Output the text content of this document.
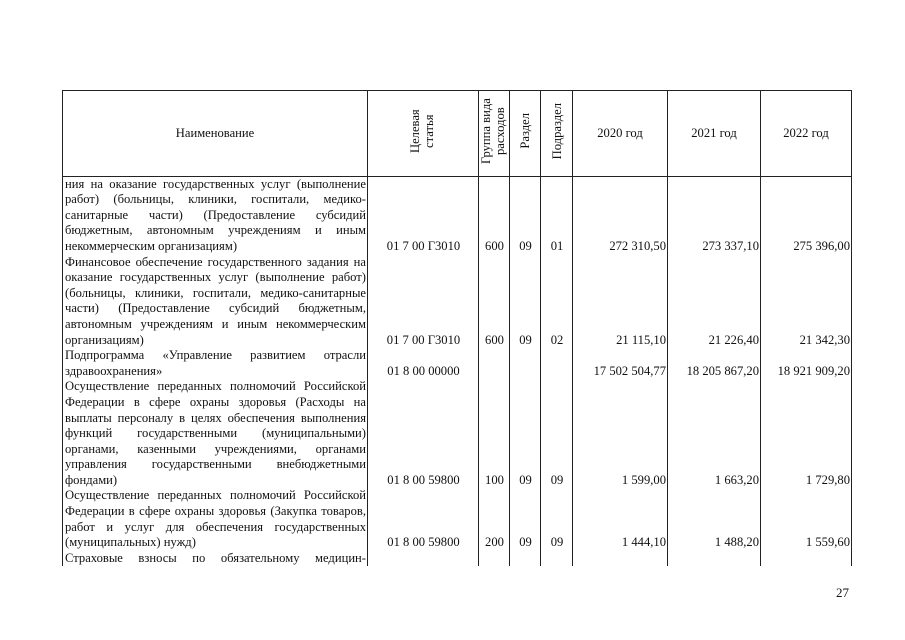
Наименование	Целевая статья	Группа вида расходов	Раздел	Подраздел	2020 год	2021 год	2022 год
ния на оказание государственных услуг (выполнение работ) (больницы, клиники, госпитали, медико-санитарные части) (Предоставление субсидий бюджетным, автономным учреждениям и иным некоммерческим организациям)	01 7 00 Г3010	600	09	01	272 310,50	273 337,10	275 396,00
Финансовое обеспечение государственного задания на оказание государственных услуг (выполнение работ) (больницы, клиники, госпитали, медико-санитарные части) (Предоставление субсидий бюджетным, автономным учреждениям и иным некоммерческим организациям)	01 7 00 Г3010	600	09	02	21 115,10	21 226,40	21 342,30
Подпрограмма «Управление развитием отрасли здравоохранения»	01 8 00 00000				17 502 504,77	18 205 867,20	18 921 909,20
Осуществление переданных полномочий Российской Федерации в сфере охраны здоровья (Расходы на выплаты персоналу в целях обеспечения выполнения функций государственными (муниципальными) органами, казенными учреждениями, органами управления государственными внебюджетными фондами)	01 8 00 59800	100	09	09	1 599,00	1 663,20	1 729,80
Осуществление переданных полномочий Российской Федерации в сфере охраны здоровья (Закупка товаров, работ и услуг для обеспечения государственных (муниципальных) нужд)	01 8 00 59800	200	09	09	1 444,10	1 488,20	1 559,60
Страховые взносы по обязательному медицин-							
27
